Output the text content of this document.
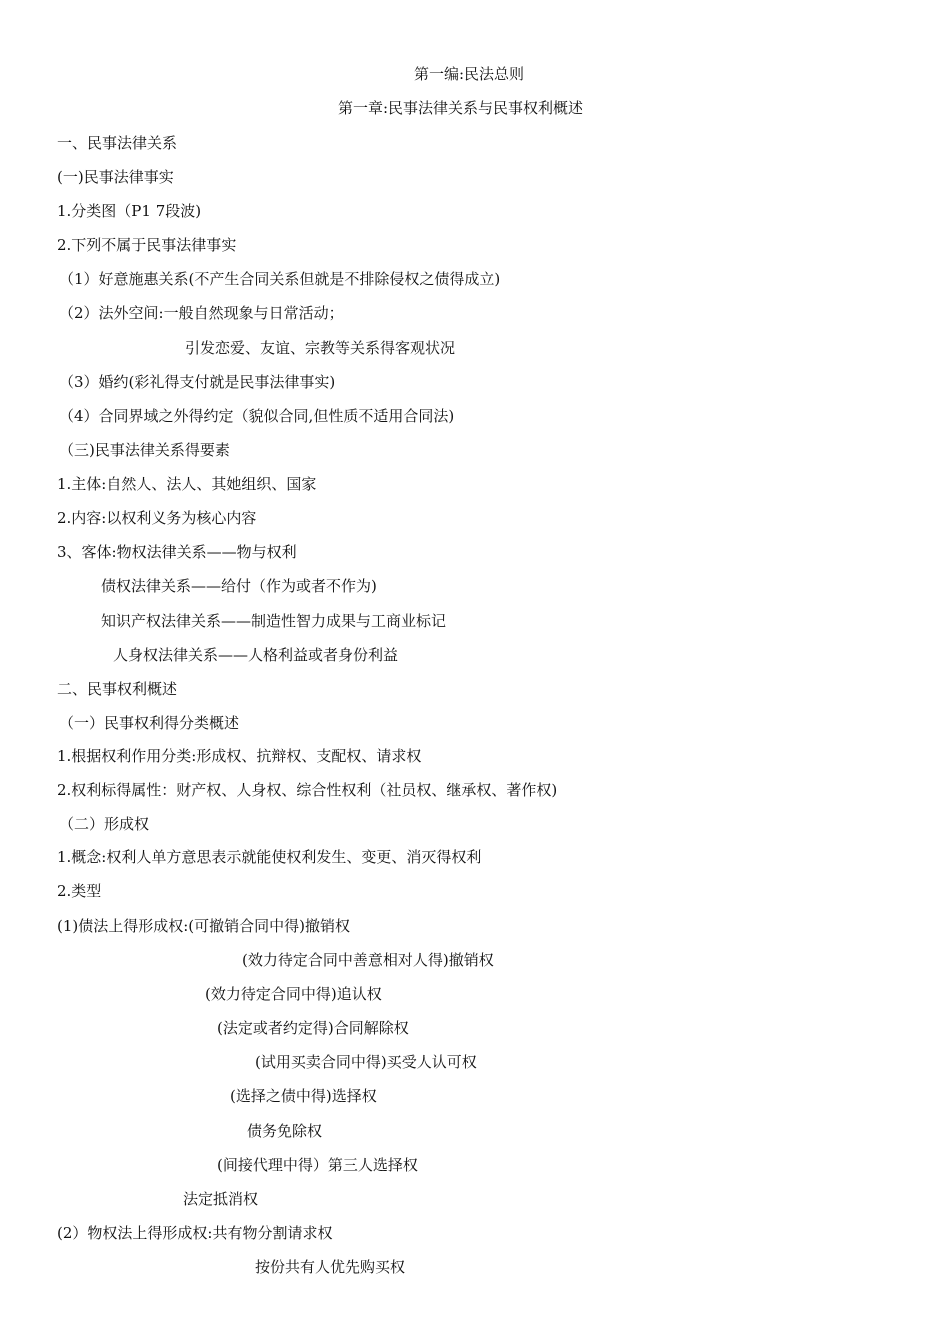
第一编:民法总则
第一章:民事法律关系与民事权利概述
一、民事法律关系
(一)民事法律事实
1.分类图（P1 7段波)
2.下列不属于民事法律事实
（1）好意施惠关系(不产生合同关系但就是不排除侵权之债得成立)
（2）法外空间:一般自然现象与日常活动；
引发恋爱、友谊、宗教等关系得客观状况
（3）婚约(彩礼得支付就是民事法律事实)
（4）合同界域之外得约定（貌似合同,但性质不适用合同法)
（三)民事法律关系得要素
1.主体:自然人、法人、其她组织、国家
2.内容:以权利义务为核心内容
3、客体:物权法律关系——物与权利
债权法律关系——给付（作为或者不作为)
知识产权法律关系——制造性智力成果与工商业标记
人身权法律关系——人格利益或者身份利益
二、民事权利概述
（一）民事权利得分类概述
1.根据权利作用分类:形成权、抗辩权、支配权、请求权
2.权利标得属性：财产权、人身权、综合性权利（社员权、继承权、著作权)
（二）形成权
1.概念:权利人单方意思表示就能使权利发生、变更、消灭得权利
2.类型
(1)债法上得形成权:(可撤销合同中得)撤销权
(效力待定合同中善意相对人得)撤销权
(效力待定合同中得)追认权
(法定或者约定得)合同解除权
(试用买卖合同中得)买受人认可权
(选择之债中得)选择权
债务免除权
(间接代理中得）第三人选择权
法定抵消权
(2）物权法上得形成权:共有物分割请求权
按份共有人优先购买权
